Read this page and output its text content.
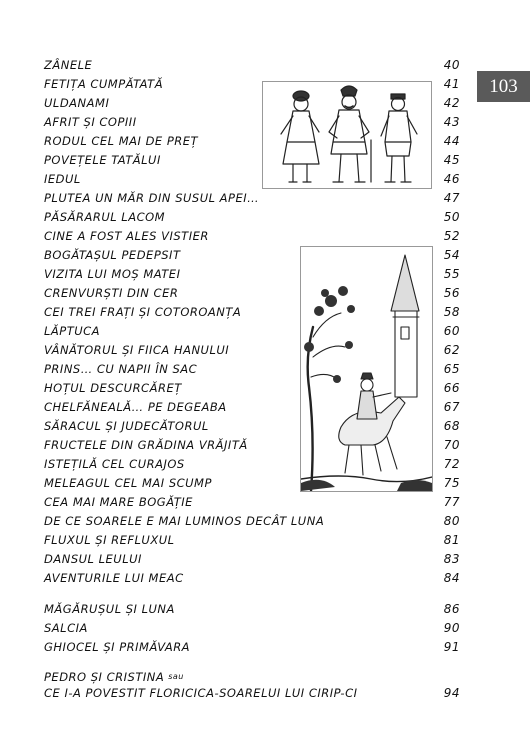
103
ZÂNELE	40
FETIȚA CUMPĂTATĂ	41
ULDANAMI	42
AFRIT ȘI COPIII	43
RODUL CEL MAI DE PREȚ	44
POVEȚELE TATĂLUI	45
IEDUL	46
PLUTEA UN MĂR DIN SUSUL APEI…	47
PĂSĂRARUL LACOM	50
CINE A FOST ALES VISTIER	52
BOGĂTAȘUL PEDEPSIT	54
VIZITA LUI MOȘ MATEI	55
CRENVURȘTI DIN CER	56
CEI TREI FRAȚI ȘI COTOROANȚA	58
LĂPTUCA	60
VÂNĂTORUL ȘI FIICA HANULUI	62
PRINS… CU NAPII ÎN SAC	65
HOȚUL DESCURCĂREȚ	66
CHELFĂNEALĂ… PE DEGEABA	67
SĂRACUL ȘI JUDECĂTORUL	68
FRUCTELE DIN GRĂDINA VRĂJITĂ	70
ISTEȚILĂ CEL CURAJOS	72
MELEAGUL CEL MAI SCUMP	75
CEA MAI MARE BOGĂȚIE	77
DE CE SOARELE E MAI LUMINOS DECÂT LUNA	80
FLUXUL ȘI REFLUXUL	81
DANSUL LEULUI	83
AVENTURILE LUI MEAC	84
MĂGĂRUȘUL ȘI LUNA	86
SALCIA	90
GHIOCEL ȘI PRIMĂVARA	91
PEDRO ȘI CRISTINA sau
CE I-A POVESTIT FLORICICA-SOARELUI LUI CIRIP-CI	94
